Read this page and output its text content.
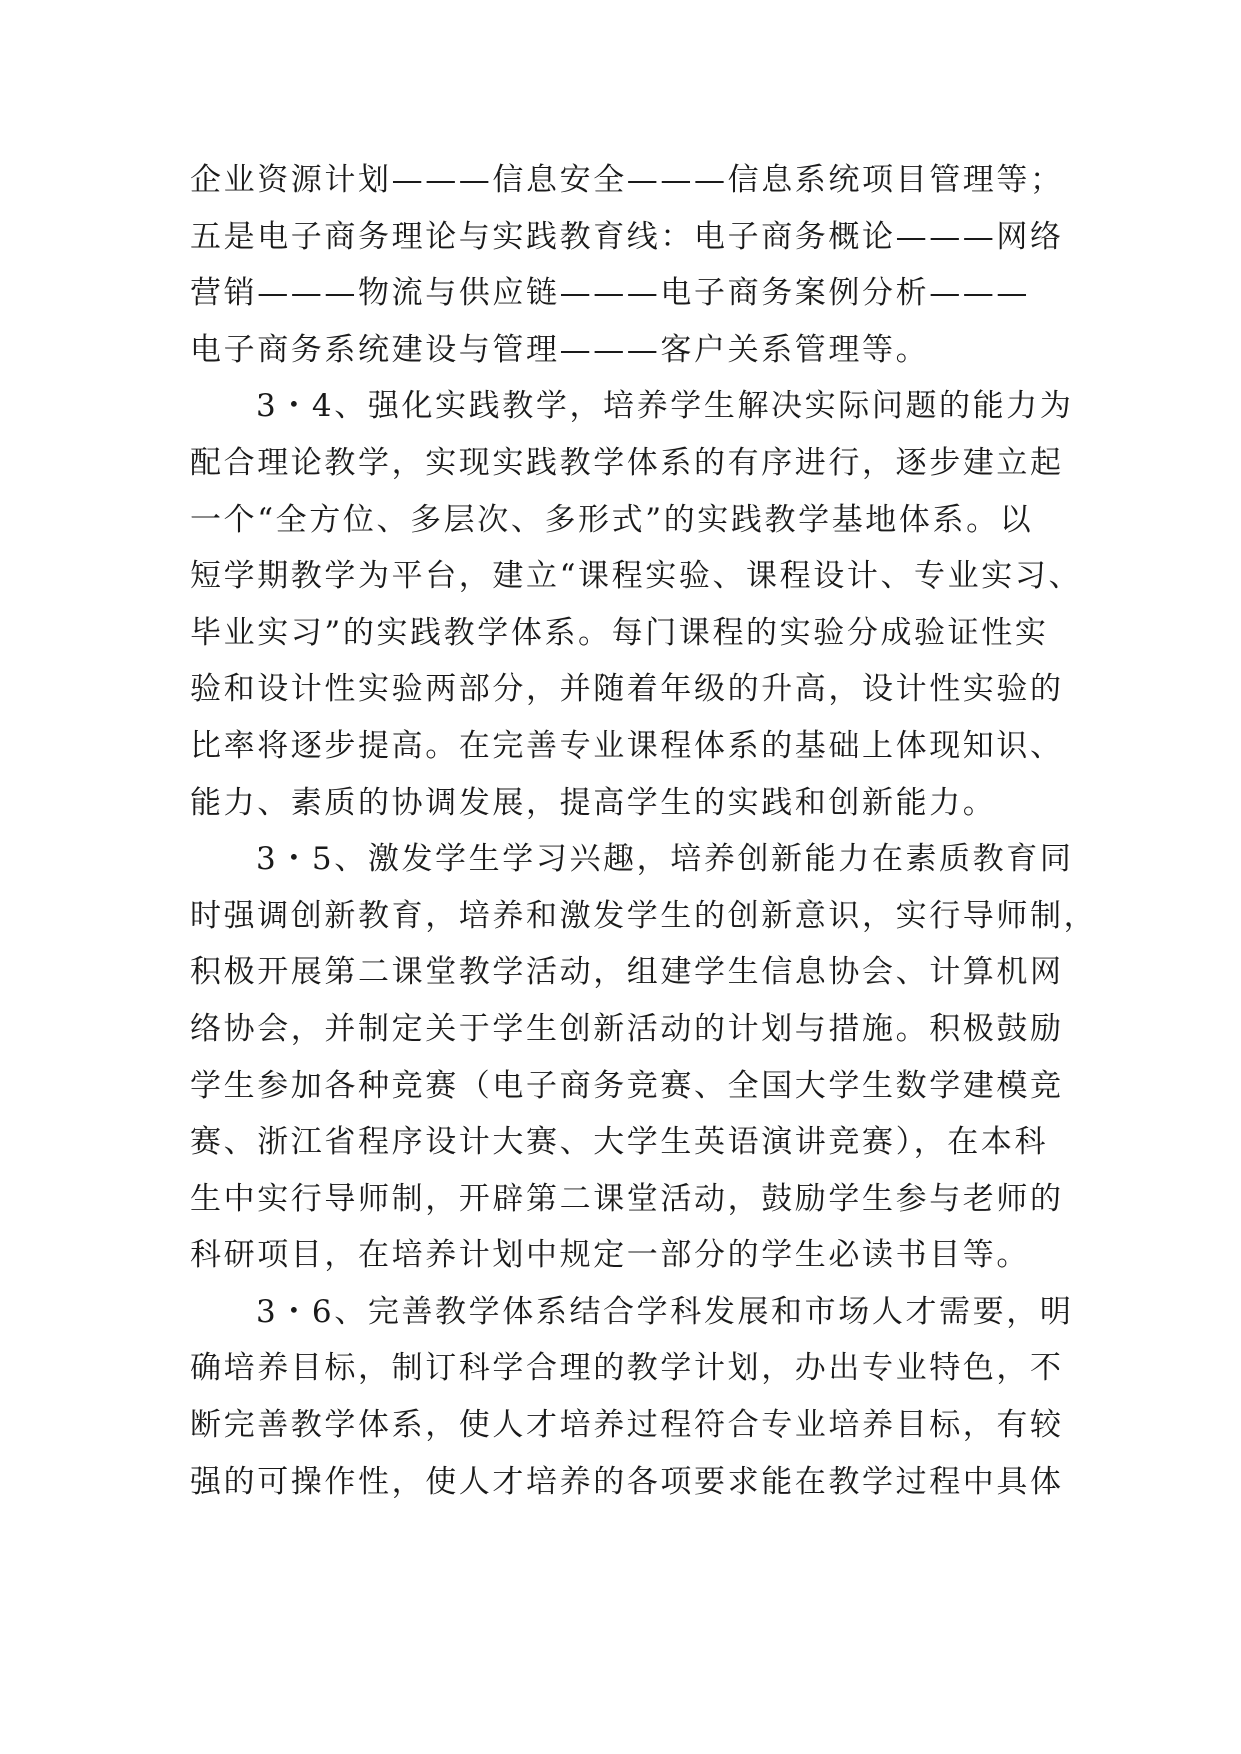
企业资源计划———信息安全———信息系统项目管理等；
五是电子商务理论与实践教育线：电子商务概论———网络
营销———物流与供应链———电子商务案例分析———
电子商务系统建设与管理———客户关系管理等。
3・4、强化实践教学，培养学生解决实际问题的能力为
配合理论教学，实现实践教学体系的有序进行，逐步建立起
一个“全方位、多层次、多形式”的实践教学基地体系。以
短学期教学为平台，建立“课程实验、课程设计、专业实习、
毕业实习”的实践教学体系。每门课程的实验分成验证性实
验和设计性实验两部分，并随着年级的升高，设计性实验的
比率将逐步提高。在完善专业课程体系的基础上体现知识、
能力、素质的协调发展，提高学生的实践和创新能力。
3・5、激发学生学习兴趣，培养创新能力在素质教育同
时强调创新教育，培养和激发学生的创新意识，实行导师制，
积极开展第二课堂教学活动，组建学生信息协会、计算机网
络协会，并制定关于学生创新活动的计划与措施。积极鼓励
学生参加各种竞赛（电子商务竞赛、全国大学生数学建模竞
赛、浙江省程序设计大赛、大学生英语演讲竞赛），在本科
生中实行导师制，开辟第二课堂活动，鼓励学生参与老师的
科研项目，在培养计划中规定一部分的学生必读书目等。
3・6、完善教学体系结合学科发展和市场人才需要，明
确培养目标，制订科学合理的教学计划，办出专业特色，不
断完善教学体系，使人才培养过程符合专业培养目标，有较
强的可操作性，使人才培养的各项要求能在教学过程中具体
